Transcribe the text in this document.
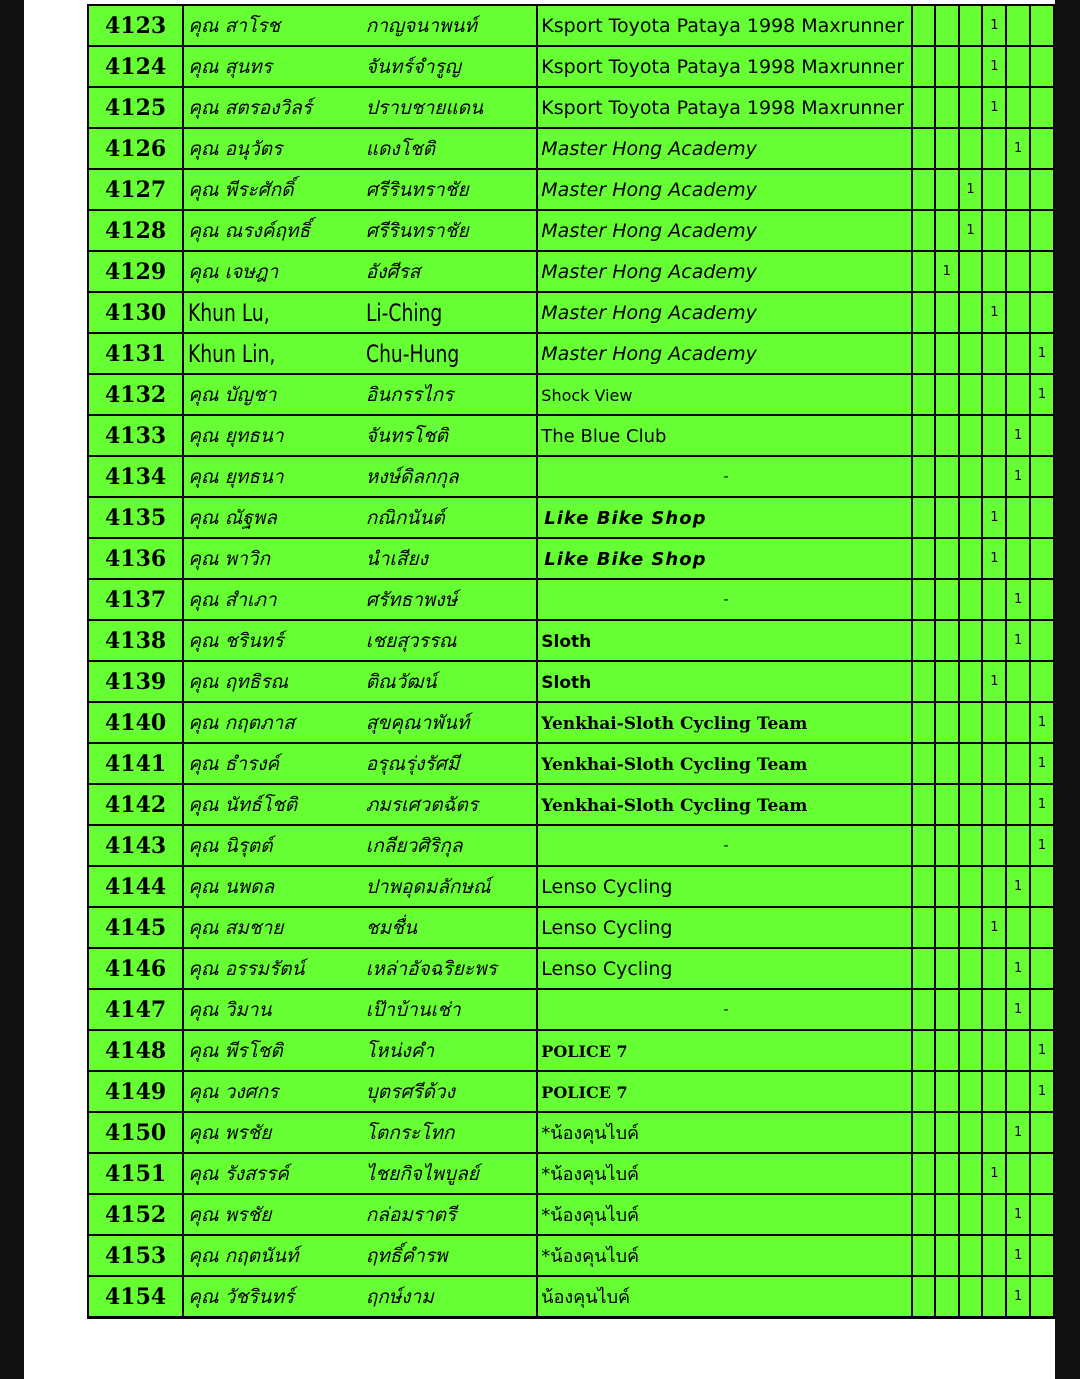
4123	คุณ สาโรช	กาญจนาพนท์	Ksport Toyota Pataya 1998 Maxrunner				1		
4124	คุณ สุนทร	จันทร์จำรูญ	Ksport Toyota Pataya 1998 Maxrunner				1		
4125	คุณ สตรองวิลร์	ปราบชายแดน	Ksport Toyota Pataya 1998 Maxrunner				1		
4126	คุณ อนุวัตร	แดงโชติ	Master Hong Academy					1	
4127	คุณ พีระศักดิ์	ศรีรินทราชัย	Master Hong Academy			1			
4128	คุณ ณรงค์ฤทธิ์	ศรีรินทราชัย	Master Hong Academy			1			
4129	คุณ เจษฎา	อังศีรส	Master Hong Academy		1				
4130	Khun Lu,	Li-Ching	Master Hong Academy				1		
4131	Khun Lin,	Chu-Hung	Master Hong Academy						1
4132	คุณ บัญชา	อินกรรไกร	Shock View						1
4133	คุณ ยุทธนา	จันทรโชติ	The Blue Club					1	
4134	คุณ ยุทธนา	หงษ์ดิลกกุล	-					1	
4135	คุณ ณัฐพล	กณิกนันต์	Like Bike Shop				1		
4136	คุณ พาวิก	นำเสียง	Like Bike Shop				1		
4137	คุณ สำเภา	ศรัทธาพงษ์	-					1	
4138	คุณ ชรินทร์	เชยสุวรรณ	Sloth					1	
4139	คุณ ฤทธิรณ	ติณวัฒน์	Sloth				1		
4140	คุณ กฤตภาส	สุขคุณาพันท์	Yenkhai-Sloth Cycling Team						1
4141	คุณ ธำรงค์	อรุณรุ่งรัศมี	Yenkhai-Sloth Cycling Team						1
4142	คุณ นัทธ์โชติ	ภมรเศวตฉัตร	Yenkhai-Sloth Cycling Team						1
4143	คุณ นิรุตต์	เกลียวศิริกุล	-						1
4144	คุณ นพดล	ปาพอุดมลักษณ์	Lenso Cycling					1	
4145	คุณ สมชาย	ชมชื่น	Lenso Cycling				1		
4146	คุณ อรรมรัตน์	เหล่าอัจฉริยะพร	Lenso Cycling					1	
4147	คุณ วิมาน	เป๊าบ้านเช่า	-					1	
4148	คุณ พีรโชติ	โหน่งคำ	POLICE 7						1
4149	คุณ วงศกร	บุตรศรีด้วง	POLICE 7						1
4150	คุณ พรชัย	โตกระโทก	*น้องคุนไบค์					1	
4151	คุณ รังสรรค์	ไชยกิจไพบูลย์	*น้องคุนไบค์				1		
4152	คุณ พรชัย	กล่อมราตรี	*น้องคุนไบค์					1	
4153	คุณ กฤตนันท์	ฤทธิ์คำรพ	*น้องคุนไบค์					1	
4154	คุณ วัชรินทร์	ฤกษ์งาม	น้องคุนไบค์					1	
